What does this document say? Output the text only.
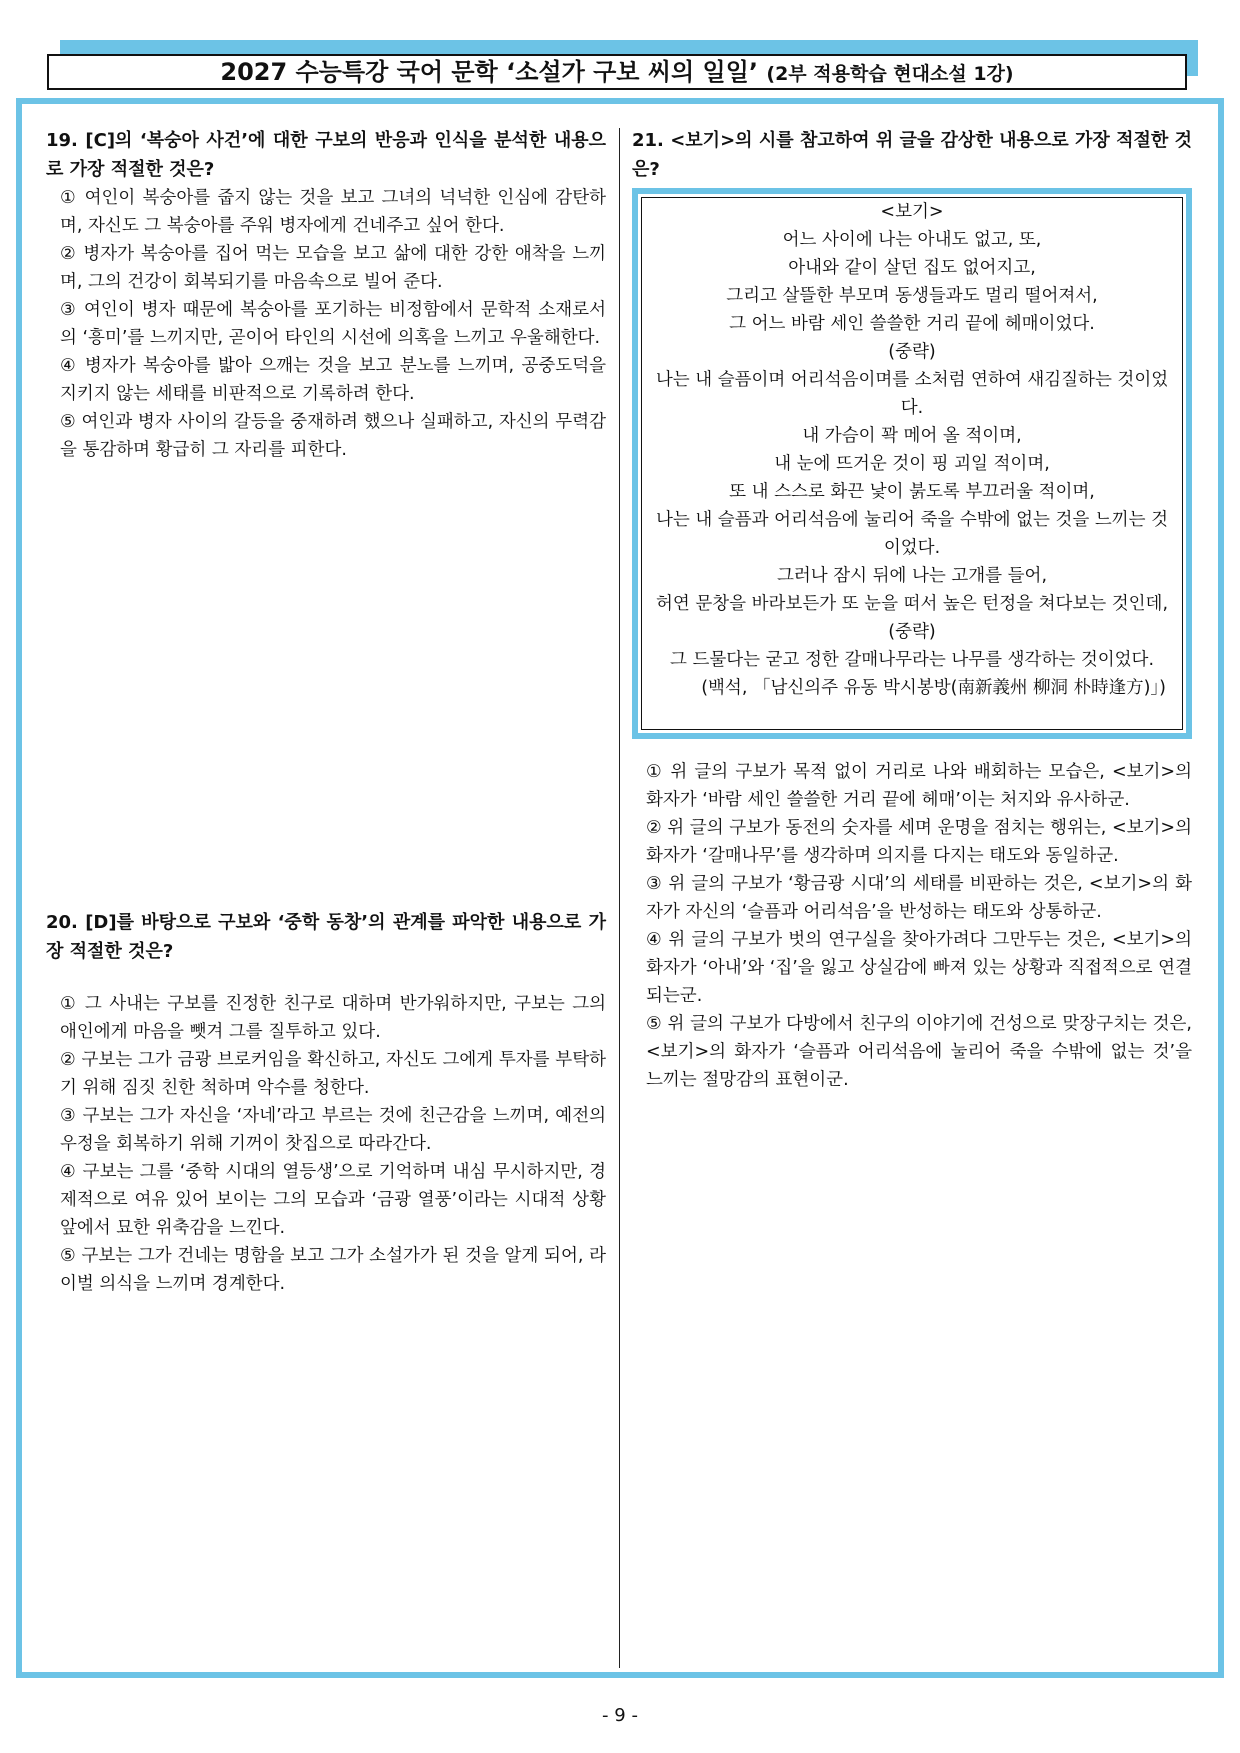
2027 수능특강 국어 문학 ‘소설가 구보 씨의 일일’ (2부 적용학습 현대소설 1강)
19. [C]의 ‘복숭아 사건’에 대한 구보의 반응과 인식을 분석한 내용으로 가장 적절한 것은?

① 여인이 복숭아를 줍지 않는 것을 보고 그녀의 넉넉한 인심에 감탄하며, 자신도 그 복숭아를 주워 병자에게 건네주고 싶어 한다.

② 병자가 복숭아를 집어 먹는 모습을 보고 삶에 대한 강한 애착을 느끼며, 그의 건강이 회복되기를 마음속으로 빌어 준다.

③ 여인이 병자 때문에 복숭아를 포기하는 비정함에서 문학적 소재로서의 ‘흥미’를 느끼지만, 곧이어 타인의 시선에 의혹을 느끼고 우울해한다.

④ 병자가 복숭아를 밟아 으깨는 것을 보고 분노를 느끼며, 공중도덕을 지키지 않는 세태를 비판적으로 기록하려 한다.

⑤ 여인과 병자 사이의 갈등을 중재하려 했으나 실패하고, 자신의 무력감을 통감하며 황급히 그 자리를 피한다.

20. [D]를 바탕으로 구보와 ‘중학 동창’의 관계를 파악한 내용으로 가장 적절한 것은?

① 그 사내는 구보를 진정한 친구로 대하며 반가워하지만, 구보는 그의 애인에게 마음을 뺏겨 그를 질투하고 있다.

② 구보는 그가 금광 브로커임을 확신하고, 자신도 그에게 투자를 부탁하기 위해 짐짓 친한 척하며 악수를 청한다.

③ 구보는 그가 자신을 ‘자네’라고 부르는 것에 친근감을 느끼며, 예전의 우정을 회복하기 위해 기꺼이 찻집으로 따라간다.

④ 구보는 그를 ‘중학 시대의 열등생’으로 기억하며 내심 무시하지만, 경제적으로 여유 있어 보이는 그의 모습과 ‘금광 열풍’이라는 시대적 상황 앞에서 묘한 위축감을 느낀다.

⑤ 구보는 그가 건네는 명함을 보고 그가 소설가가 된 것을 알게 되어, 라이벌 의식을 느끼며 경계한다.

21. <보기>의 시를 참고하여 위 글을 감상한 내용으로 가장 적절한 것은?

<보기>

어느 사이에 나는 아내도 없고, 또,

아내와 같이 살던 집도 없어지고,

그리고 살뜰한 부모며 동생들과도 멀리 떨어져서,

그 어느 바람 세인 쓸쓸한 거리 끝에 헤매이었다.

(중략)

나는 내 슬픔이며 어리석음이며를 소처럼 연하여 새김질하는 것이었다.

내 가슴이 꽉 메어 올 적이며,

내 눈에 뜨거운 것이 핑 괴일 적이며,

또 내 스스로 화끈 낯이 붉도록 부끄러울 적이며,

나는 내 슬픔과 어리석음에 눌리어 죽을 수밖에 없는 것을 느끼는 것이었다.

그러나 잠시 뒤에 나는 고개를 들어,

허연 문창을 바라보든가 또 눈을 떠서 높은 턴정을 쳐다보는 것인데,

(중략)

그 드물다는 굳고 정한 갈매나무라는 나무를 생각하는 것이었다.

(백석, 「남신의주 유동 박시봉방(南新義州 柳洞 朴時逢方)」)

① 위 글의 구보가 목적 없이 거리로 나와 배회하는 모습은, <보기>의 화자가 ‘바람 세인 쓸쓸한 거리 끝에 헤매’이는 처지와 유사하군.

② 위 글의 구보가 동전의 숫자를 세며 운명을 점치는 행위는, <보기>의 화자가 ‘갈매나무’를 생각하며 의지를 다지는 태도와 동일하군.

③ 위 글의 구보가 ‘황금광 시대’의 세태를 비판하는 것은, <보기>의 화자가 자신의 ‘슬픔과 어리석음’을 반성하는 태도와 상통하군.

④ 위 글의 구보가 벗의 연구실을 찾아가려다 그만두는 것은, <보기>의 화자가 ‘아내’와 ‘집’을 잃고 상실감에 빠져 있는 상황과 직접적으로 연결되는군.

⑤ 위 글의 구보가 다방에서 친구의 이야기에 건성으로 맞장구치는 것은, <보기>의 화자가 ‘슬픔과 어리석음에 눌리어 죽을 수밖에 없는 것’을 느끼는 절망감의 표현이군.

- 9 -
